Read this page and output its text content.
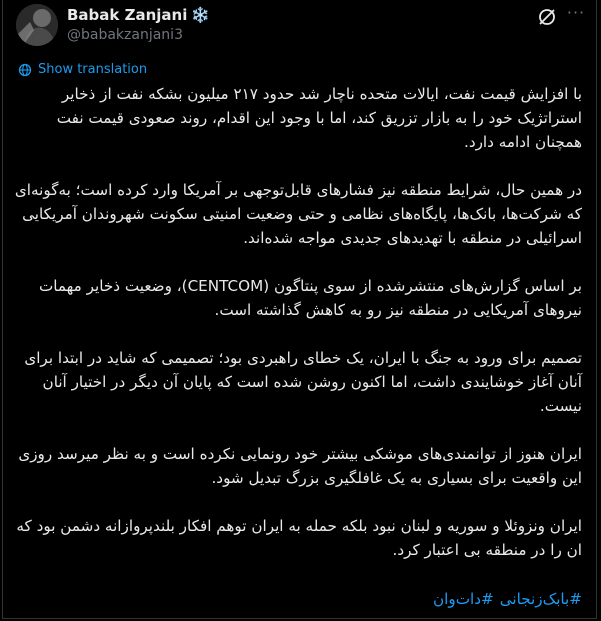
Babak Zanjani ❄️
@babakzanjani3
···
Show translation

با افزایش قیمت نفت، ایالات متحده ناچار شد حدود ۲۱۷ میلیون بشکه نفت از ذخایر استراتژیک خود را به بازار تزریق کند، اما با وجود این اقدام، روند صعودی قیمت نفت همچنان ادامه دارد.

در همین حال، شرایط منطقه نیز فشارهای قابل‌توجهی بر آمریکا وارد کرده است؛ به‌گونه‌ای که شرکت‌ها، بانک‌ها، پایگاه‌های نظامی و حتی وضعیت امنیتی سکونت شهروندان آمریکایی اسرائیلی در منطقه با تهدیدهای جدیدی مواجه شده‌اند.

بر اساس گزارش‌های منتشرشده از سوی پنتاگون (CENTCOM)، وضعیت ذخایر مهمات نیروهای آمریکایی در منطقه نیز رو به کاهش گذاشته است.

تصمیم برای ورود به جنگ با ایران، یک خطای راهبردی بود؛ تصمیمی که شاید در ابتدا برای آنان آغاز خوشایندی داشت، اما اکنون روشن شده است که پایان آن دیگر در اختیار آنان نیست.

ایران هنوز از توانمندی‌های موشکی بیشتر خود رونمایی نکرده است و به نظر میرسد روزی این واقعیت برای بسیاری به یک غافلگیری بزرگ تبدیل شود.

ایران ونزوئلا و سوریه و لبنان نبود بلکه حمله به ایران توهم افکار بلندپروازانه دشمن بود که ان را در منطقه بی اعتبار کرد.

#بابک‌زنجانی#دات‌وان
